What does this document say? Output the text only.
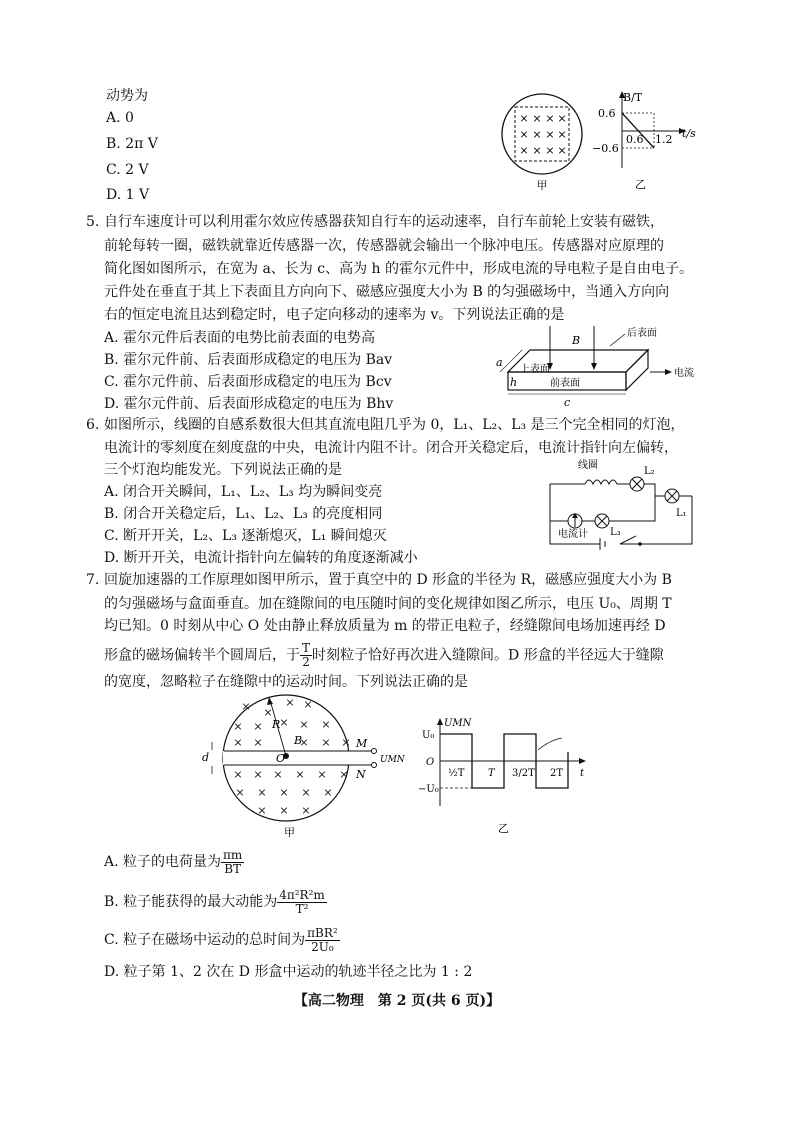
动势为
A. 0
B. 2π V
C. 2 V
D. 1 V
× × × ×
× × × ×
× × × ×
甲
B/T
0.6
−0.6
0.6 1.2 t/s
乙
5. 自行车速度计可以利用霍尔效应传感器获知自行车的运动速率，自行车前轮上安装有磁铁，
前轮每转一圈，磁铁就靠近传感器一次，传感器就会输出一个脉冲电压。传感器对应原理的
简化图如图所示，在宽为 a、长为 c、高为 h 的霍尔元件中，形成电流的导电粒子是自由电子。
元件处在垂直于其上下表面且方向向下、磁感应强度大小为 B 的匀强磁场中，当通入方向向
右的恒定电流且达到稳定时，电子定向移动的速率为 v。下列说法正确的是
A. 霍尔元件后表面的电势比前表面的电势高
B. 霍尔元件前、后表面形成稳定的电压为 Bav
C. 霍尔元件前、后表面形成稳定的电压为 Bcv
D. 霍尔元件前、后表面形成稳定的电压为 Bhv
B
后表面
a
上表面
前表面
h
c
电流
6. 如图所示，线圈的自感系数很大但其直流电阻几乎为 0，L₁、L₂、L₃ 是三个完全相同的灯泡，
电流计的零刻度在刻度盘的中央，电流计内阻不计。闭合开关稳定后，电流计指针向左偏转，
三个灯泡均能发光。下列说法正确的是
A. 闭合开关瞬间，L₁、L₂、L₃ 均为瞬间变亮
B. 闭合开关稳定后，L₁、L₂、L₃ 的亮度相同
C. 断开开关，L₂、L₃ 逐渐熄灭，L₁ 瞬间熄灭
D. 断开开关，电流计指针向左偏转的角度逐渐减小
线圈
L₂
L₁
L₃
电流计
7. 回旋加速器的工作原理如图甲所示，置于真空中的 D 形盒的半径为 R，磁感应强度大小为 B
的匀强磁场与盒面垂直。加在缝隙间的电压随时间的变化规律如图乙所示，电压 U₀、周期 T
均已知。0 时刻从中心 O 处由静止释放质量为 m 的带正电粒子，经缝隙间电场加速再经 D
形盒的磁场偏转半个圆周后，于 $\frac{T}{2}$ 时刻粒子恰好再次进入缝隙间。D 形盒的半径远大于缝隙
的宽度，忽略粒子在缝隙中的运动时间。下列说法正确的是
× ×
× ×
× × × × ×
× ×	× × ×
× × × × × ×
× × × × ×
× × ×
R
B
O
d
M
N
UMN
甲
UMN
U₀
O
−U₀
½T T 3/2T 2T t
乙
A. 粒子的电荷量为 $\frac{\pi m}{BT}$
B. 粒子能获得的最大动能为 $\frac{\text{4π²R²m}}{\text{T²}}$
C. 粒子在磁场中运动的总时间为 $\frac{\text{πBR²}}{\text{2U₀}}$
D. 粒子第 1、2 次在 D 形盒中运动的轨迹半径之比为 1 : 2
【高二物理　第 2 页(共 6 页)】
